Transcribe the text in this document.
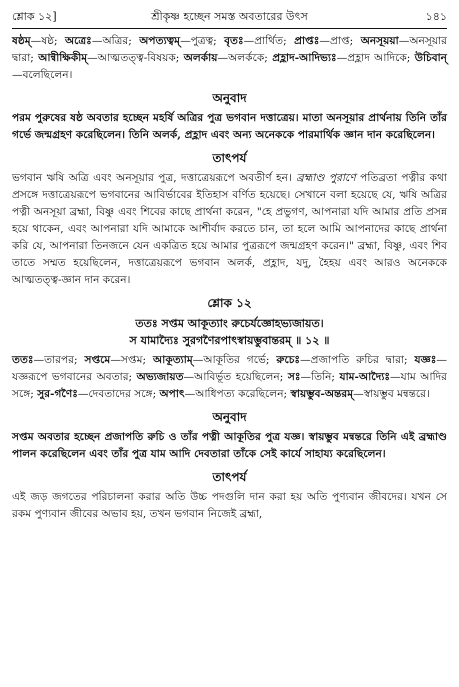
শ্লোক ১২]	শ্রীকৃষ্ণ হচ্ছেন সমস্ত অবতারের উৎস	১৪১

ষষ্ঠম্—ষষ্ঠ; অত্রেঃ—অত্রির; অপত্যত্বম্—পুত্রত্ব; বৃতঃ—প্রার্থিত; প্রাপ্তঃ—প্রাপ্ত; অনসূয়য়া—অনসূয়ার দ্বারা; আন্বীক্ষিকীম্—আত্মতত্ত্ব-বিষয়ক; অলর্কায়—অলর্ককে; প্রহ্লাদ-আদিভ্যঃ—প্রহ্লাদ আদিকে; উচিবান্—বলেছিলেন।

অনুবাদ

পরম পুরুষের ষষ্ঠ অবতার হচ্ছেন মহর্ষি অত্রির পুত্র ভগবান দত্তাত্রেয়। মাতা অনসূয়ার প্রার্থনায় তিনি তাঁর গর্ভে জন্মগ্রহণ করেছিলেন। তিনি অলর্ক, প্রহ্লাদ এবং অন্য অনেককে পারমার্থিক জ্ঞান দান করেছিলেন।

তাৎপর্য

ভগবান ঋষি অত্রি এবং অনসূয়ার পুত্র, দত্তাত্রেয়রূপে অবতীর্ণ হন। ব্রহ্মাণ্ড পুরাণে পতিব্রতা পত্নীর কথা প্রসঙ্গে দত্তাত্রেয়রূপে ভগবানের আবির্ভাবের ইতিহাস বর্ণিত হয়েছে। সেখানে বলা হয়েছে যে, ঋষি অত্রির পত্নী অনসূয়া ব্রহ্মা, বিষ্ণু এবং শিবের কাছে প্রার্থনা করেন, "হে প্রভুগণ, আপনারা যদি আমার প্রতি প্রসন্ন হয়ে থাকেন, এবং আপনারা যদি আমাকে আশীর্বাদ করতে চান, তা হলে আমি আপনাদের কাছে প্রার্থনা করি যে, আপনারা তিনজনে যেন একত্রিত হয়ে আমার পুত্ররূপে জন্মগ্রহণ করেন।" ব্রহ্মা, বিষ্ণু, এবং শিব তাতে সম্মত হয়েছিলেন, দত্তাত্রেয়রূপে ভগবান অলর্ক, প্রহ্লাদ, যদু, হৈহয় এবং আরও অনেককে আত্মতত্ত্ব-জ্ঞান দান করেন।

শ্লোক ১২
ততঃ সপ্তম আকূত্যাং রুচের্যজ্ঞোহভ্যজায়ত।
স যামাদ্যৈঃ সুরগণৈরপাৎস্বায়ম্ভুবান্তরম্ ॥ ১২ ॥

ততঃ—তারপর; সপ্তমে—সপ্তম; আকূত্যাম্—আকূতির গর্ভে; রুচেঃ—প্রজাপতি রুচির দ্বারা; যজ্ঞঃ—যজ্ঞরূপে ভগবানের অবতার; অভ্যজায়ত—আবির্ভূত হয়েছিলেন; সঃ—তিনি; যাম-আদ্যৈঃ—যাম আদির সঙ্গে; সুর-গণৈঃ—দেবতাদের সঙ্গে; অপাৎ—আধিপত্য করেছিলেন; স্বায়ম্ভুব-অন্তরম্—স্বায়ম্ভুব মন্বন্তরে।

অনুবাদ

সপ্তম অবতার হচ্ছেন প্রজাপতি রুচি ও তাঁর পত্নী আকূতির পুত্র যজ্ঞ। স্বায়ম্ভুব মন্বন্তরে তিনি এই ব্রহ্মাণ্ড পালন করেছিলেন এবং তাঁর পুত্র যাম আদি দেবতারা তাঁকে সেই কার্যে সাহায্য করেছিলেন।

তাৎপর্য

এই জড় জগতের পরিচালনা করার অতি উচ্চ পদগুলি দান করা হয় অতি পুণ্যবান জীবদের। যখন সে রকম পুণ্যবান জীবের অভাব হয়, তখন ভগবান নিজেই ব্রহ্মা,
